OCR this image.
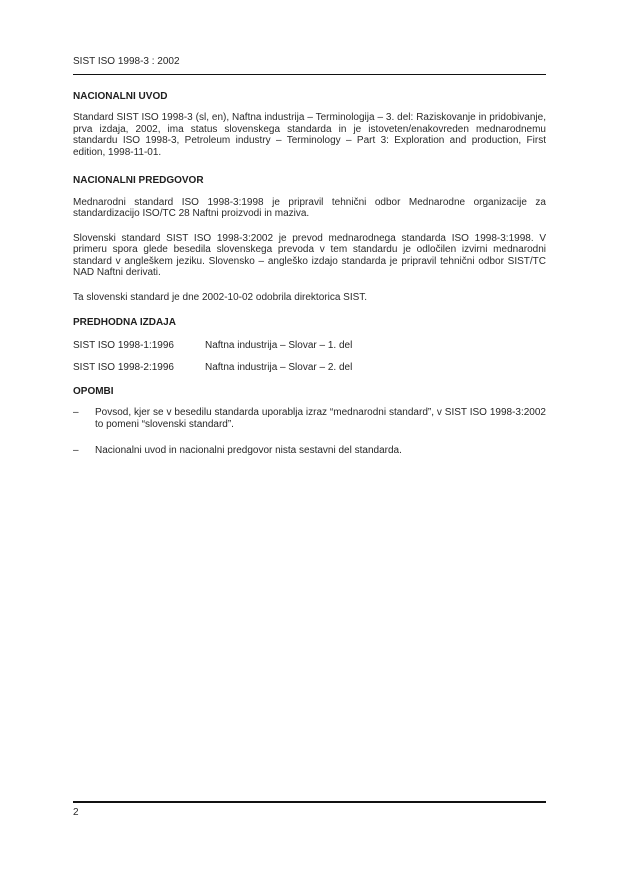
SIST ISO 1998-3 : 2002
NACIONALNI UVOD

Standard SIST ISO 1998-3 (sl, en), Naftna industrija – Terminologija – 3. del: Raziskovanje in pridobivanje, prva izdaja, 2002, ima status slovenskega standarda in je istoveten/enakovreden mednarodnemu standardu ISO 1998-3, Petroleum industry – Terminology – Part 3: Exploration and production, First edition, 1998-11-01.

NACIONALNI PREDGOVOR

Mednarodni standard ISO 1998-3:1998 je pripravil tehnični odbor Mednarodne organizacije za standardizacijo ISO/TC 28 Naftni proizvodi in maziva.

Slovenski standard SIST ISO 1998-3:2002 je prevod mednarodnega standarda ISO 1998-3:1998. V primeru spora glede besedila slovenskega prevoda v tem standardu je odločilen izvirni mednarodni standard v angleškem jeziku. Slovensko – angleško izdajo standarda je pripravil tehnični odbor SIST/TC NAD Naftni derivati.

Ta slovenski standard je dne 2002-10-02 odobrila direktorica SIST.

PREDHODNA IZDAJA
SIST ISO 1998-1:1996	Naftna industrija – Slovar – 1. del
SIST ISO 1998-2:1996	Naftna industrija – Slovar – 2. del
OPOMBI
–	Povsod, kjer se v besedilu standarda uporablja izraz “mednarodni standard”, v SIST ISO 1998-3:2002 to pomeni “slovenski standard”.
–	Nacionalni uvod in nacionalni predgovor nista sestavni del standarda.
2
